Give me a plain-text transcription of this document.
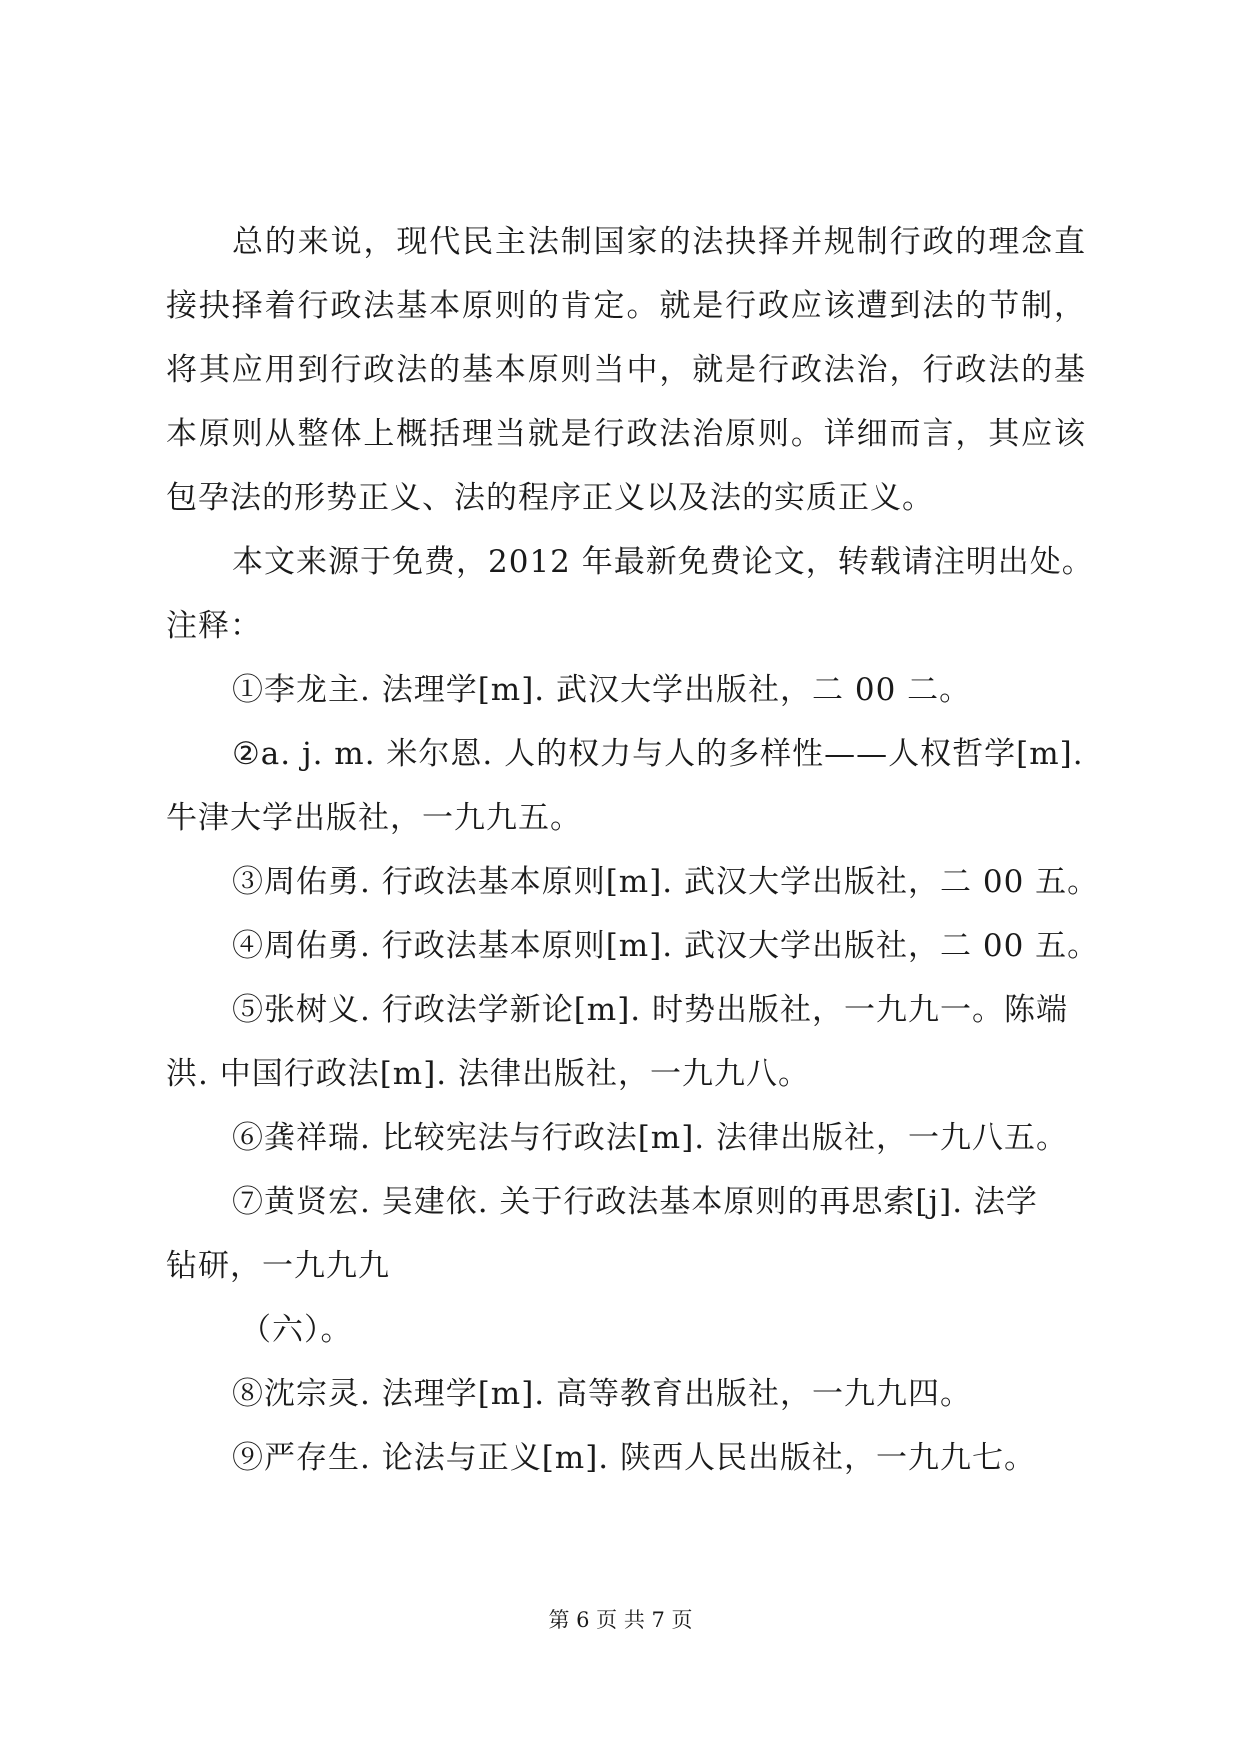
总的来说，现代民主法制国家的法抉择并规制行政的理念直
接抉择着行政法基本原则的肯定。就是行政应该遭到法的节制，
将其应用到行政法的基本原则当中，就是行政法治，行政法的基
本原则从整体上概括理当就是行政法治原则。详细而言，其应该
包孕法的形势正义、法的程序正义以及法的实质正义。
本文来源于免费，2012 年最新免费论文，转载请注明出处。
注释：
①李龙主. 法理学[m]. 武汉大学出版社，二 00 二。
②a. j. m. 米尔恩. 人的权力与人的多样性——人权哲学[m].
牛津大学出版社，一九九五。
③周佑勇. 行政法基本原则[m]. 武汉大学出版社，二 00 五。
④周佑勇. 行政法基本原则[m]. 武汉大学出版社，二 00 五。
⑤张树义. 行政法学新论[m]. 时势出版社，一九九一。陈端
洪. 中国行政法[m]. 法律出版社，一九九八。
⑥龚祥瑞. 比较宪法与行政法[m]. 法律出版社，一九八五。
⑦黄贤宏. 吴建依. 关于行政法基本原则的再思索[j]. 法学
钻研，一九九九
（六）。
⑧沈宗灵. 法理学[m]. 高等教育出版社，一九九四。
⑨严存生. 论法与正义[m]. 陕西人民出版社，一九九七。
第 6 页 共 7 页
